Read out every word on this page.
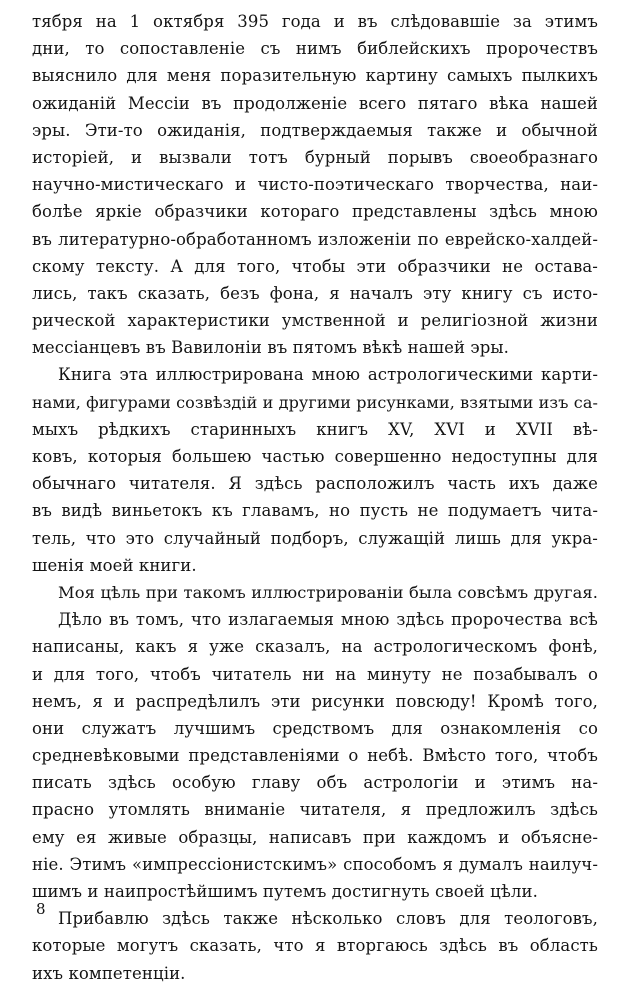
тября на 1 октября 395 года и въ слѣдовавшіе за этимъ
дни, то сопоставленіе съ нимъ библейскихъ пророчествъ
выяснило для меня поразительную картину самыхъ пылкихъ
ожиданій Мессіи въ продолженіе всего пятаго вѣка нашей
эры. Эти-то ожиданія, подтверждаемыя также и обычной
исторіей, и вызвали тотъ бурный порывъ своеобразнаго
научно-мистическаго и чисто-поэтическаго творчества, наи-
болѣе яркіе образчики котораго представлены здѣсь мною
въ литературно-обработанномъ изложеніи по еврейско-халдей-
скому тексту. А для того, чтобы эти образчики не остава-
лись, такъ сказать, безъ фона, я началъ эту книгу съ исто-
рической характеристики умственной и религіозной жизни
мессіанцевъ въ Вавилоніи въ пятомъ вѣкѣ нашей эры.
Книга эта иллюстрирована мною астрологическими карти-
нами, фигурами созвѣздій и другими рисунками, взятыми изъ са-
мыхъ рѣдкихъ старинныхъ книгъ XV, XVI и XVII вѣ-
ковъ, которыя большею частью совершенно недоступны для
обычнаго читателя. Я здѣсь расположилъ часть ихъ даже
въ видѣ виньетокъ къ главамъ, но пусть не подумаетъ чита-
тель, что это случайный подборъ, служащій лишь для укра-
шенія моей книги.
Моя цѣль при такомъ иллюстрированіи была совсѣмъ другая.
Дѣло въ томъ, что излагаемыя мною здѣсь пророчества всѣ
написаны, какъ я уже сказалъ, на астрологическомъ фонѣ,
и для того, чтобъ читатель ни на минуту не позабывалъ о
немъ, я и распредѣлилъ эти рисунки повсюду! Кромѣ того,
они служатъ лучшимъ средствомъ для ознакомленія со
средневѣковыми представленіями о небѣ. Вмѣсто того, чтобъ
писать здѣсь особую главу объ астрологіи и этимъ на-
прасно утомлять вниманіе читателя, я предложилъ здѣсь
ему ея живые образцы, написавъ при каждомъ и объясне-
ніе. Этимъ «импрессіонистскимъ» способомъ я думалъ наилуч-
шимъ и наипростѣйшимъ путемъ достигнуть своей цѣли.
Прибавлю здѣсь также нѣсколько словъ для теологовъ,
которые могутъ сказать, что я вторгаюсь здѣсь въ область
ихъ компетенціи.
8
